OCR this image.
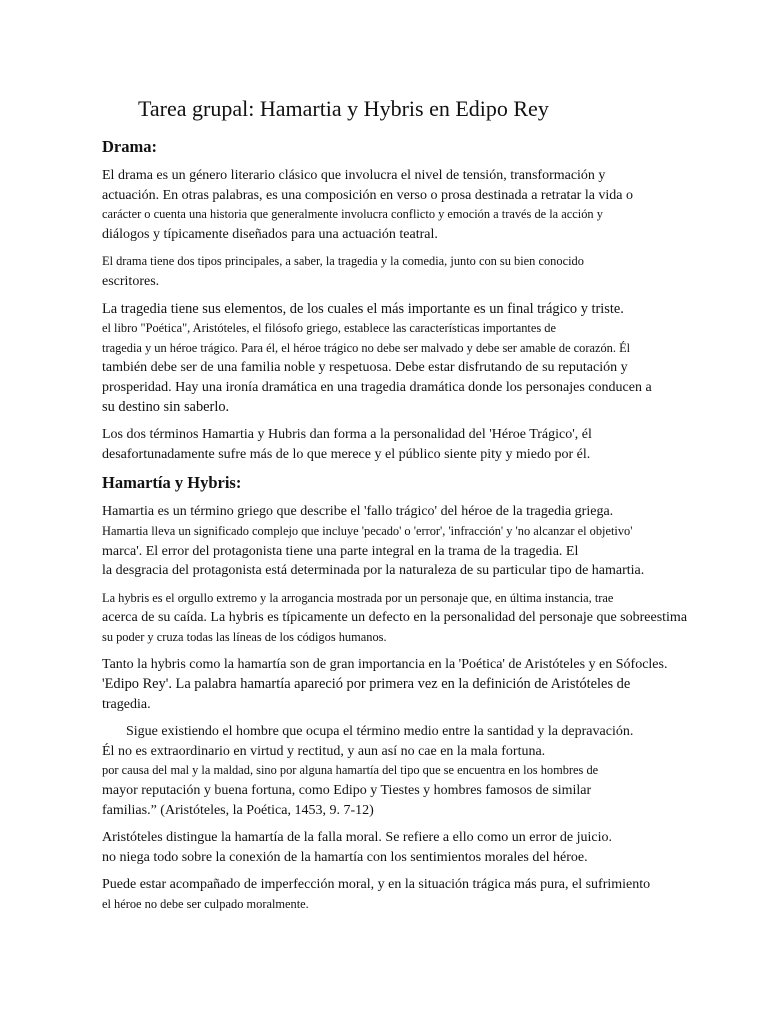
Tarea grupal: Hamartia y Hybris en Edipo Rey
Drama:
El drama es un género literario clásico que involucra el nivel de tensión, transformación y
actuación. En otras palabras, es una composición en verso o prosa destinada a retratar la vida o
carácter o cuenta una historia que generalmente involucra conflicto y emoción a través de la acción y
diálogos y típicamente diseñados para una actuación teatral.
El drama tiene dos tipos principales, a saber, la tragedia y la comedia, junto con su bien conocido
escritores.
La tragedia tiene sus elementos, de los cuales el más importante es un final trágico y triste.
el libro "Poética", Aristóteles, el filósofo griego, establece las características importantes de
tragedia y un héroe trágico. Para él, el héroe trágico no debe ser malvado y debe ser amable de corazón. Él
también debe ser de una familia noble y respetuosa. Debe estar disfrutando de su reputación y
prosperidad. Hay una ironía dramática en una tragedia dramática donde los personajes conducen a
su destino sin saberlo.
Los dos términos Hamartia y Hubris dan forma a la personalidad del 'Héroe Trágico', él
desafortunadamente sufre más de lo que merece y el público siente pity y miedo por él.
Hamartía y Hybris:
Hamartia es un término griego que describe el 'fallo trágico' del héroe de la tragedia griega.
Hamartia lleva un significado complejo que incluye 'pecado' o 'error', 'infracción' y 'no alcanzar el objetivo'
marca'. El error del protagonista tiene una parte integral en la trama de la tragedia. El
la desgracia del protagonista está determinada por la naturaleza de su particular tipo de hamartia.
La hybris es el orgullo extremo y la arrogancia mostrada por un personaje que, en última instancia, trae
acerca de su caída. La hybris es típicamente un defecto en la personalidad del personaje que sobreestima
su poder y cruza todas las líneas de los códigos humanos.
Tanto la hybris como la hamartía son de gran importancia en la 'Poética' de Aristóteles y en Sófocles.
'Edipo Rey'. La palabra hamartía apareció por primera vez en la definición de Aristóteles de
tragedia.
Sigue existiendo el hombre que ocupa el término medio entre la santidad y la depravación.
Él no es extraordinario en virtud y rectitud, y aun así no cae en la mala fortuna.
por causa del mal y la maldad, sino por alguna hamartía del tipo que se encuentra en los hombres de
mayor reputación y buena fortuna, como Edipo y Tiestes y hombres famosos de similar
familias.” (Aristóteles, la Poética, 1453, 9. 7-12)
Aristóteles distingue la hamartía de la falla moral. Se refiere a ello como un error de juicio.
no niega todo sobre la conexión de la hamartía con los sentimientos morales del héroe.
Puede estar acompañado de imperfección moral, y en la situación trágica más pura, el sufrimiento
el héroe no debe ser culpado moralmente.
